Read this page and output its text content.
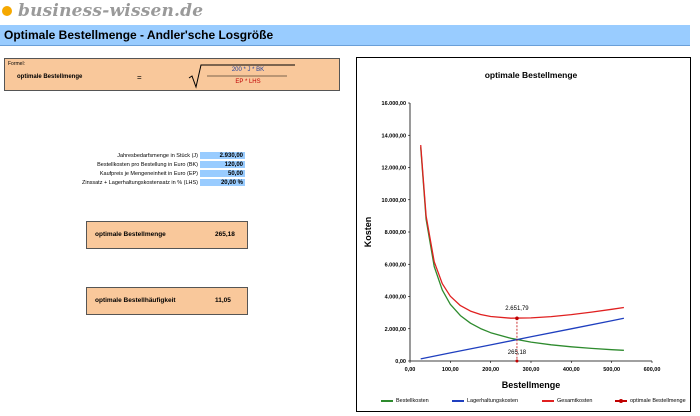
business-wissen.de
Optimale Bestellmenge - Andler'sche Losgröße
Formel:
optimale Bestellmenge	=
200 * J * BK
EP * LHS
Jahresbedarfsmenge in Stück (J)	2.930,00
Bestellkosten pro Bestellung in Euro (BK)	120,00
Kaufpreis je Mengeneinheit in Euro (EP)	50,00
Zinssatz + Lagerhaltungskostensatz in % (LHS)	20,00 %
optimale Bestellmenge	265,18
optimale Bestellhäufigkeit	11,05
optimale Bestellmenge
Bestellmenge
Kosten
0,00
2.000,00
4.000,00
6.000,00
8.000,00
10.000,00
12.000,00
14.000,00
16.000,00
0,00	100,00	200,00	300,00	400,00	500,00	600,00
2.651,79
265,18
Bestellkosten	Lagerhaltungskosten	Gesamtkosten	optimale Bestellmenge
